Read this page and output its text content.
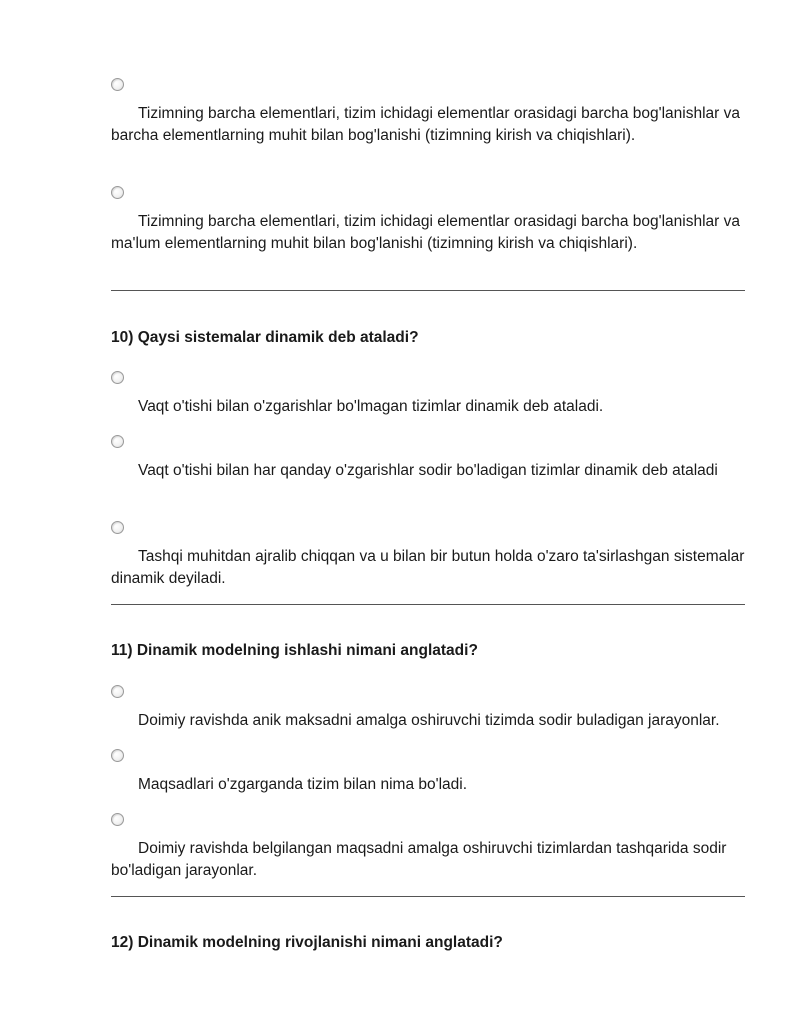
Tizimning barcha elementlari, tizim ichidagi elementlar orasidagi barcha bog'lanishlar va barcha elementlarning muhit bilan bog'lanishi (tizimning kirish va chiqishlari).
Tizimning barcha elementlari, tizim ichidagi elementlar orasidagi barcha bog'lanishlar va ma'lum elementlarning muhit bilan bog'lanishi (tizimning kirish va chiqishlari).
10) Qaysi sistemalar dinamik deb ataladi?
Vaqt o'tishi bilan o'zgarishlar bo'lmagan tizimlar dinamik deb ataladi.
Vaqt o'tishi bilan har qanday o'zgarishlar sodir bo'ladigan tizimlar dinamik deb ataladi
Tashqi muhitdan ajralib chiqqan va u bilan bir butun holda o'zaro ta'sirlashgan sistemalar dinamik deyiladi.
11) Dinamik modelning ishlashi nimani anglatadi?
Doimiy ravishda anik maksadni amalga oshiruvchi tizimda sodir buladigan jarayonlar.
Maqsadlari o'zgarganda tizim bilan nima bo'ladi.
Doimiy ravishda belgilangan maqsadni amalga oshiruvchi tizimlardan tashqarida sodir bo'ladigan jarayonlar.
12) Dinamik modelning rivojlanishi nimani anglatadi?
